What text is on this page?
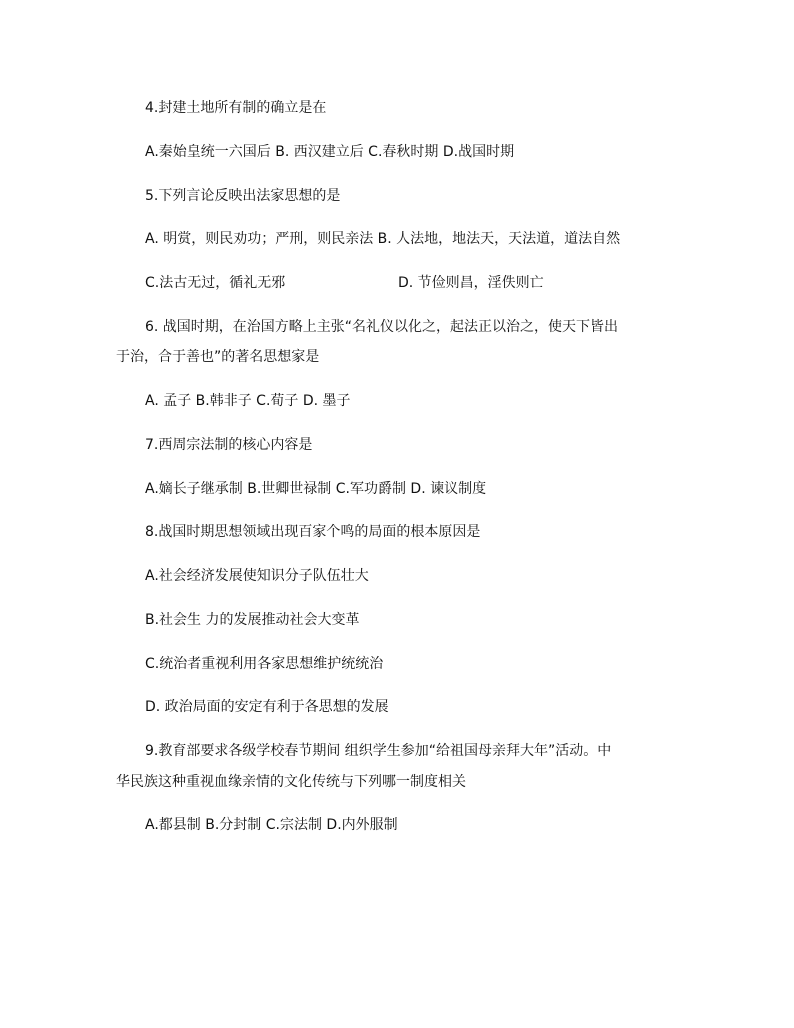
4.封建土地所有制的确立是在
A.秦始皇统一六国后 B. 西汉建立后 C.春秋时期 D.战国时期
5.下列言论反映出法家思想的是
A. 明赏，则民劝功；严刑，则民亲法 B. 人法地，地法天，天法道，道法自然
C.法古无过，循礼无邪	D. 节俭则昌，淫佚则亡
6. 战国时期，在治国方略上主张“名礼仪以化之，起法正以治之，使天下皆出
于治，合于善也”的著名思想家是
A. 孟子 B.韩非子 C.荀子 D. 墨子
7.西周宗法制的核心内容是
A.嫡长子继承制 B.世卿世禄制 C.军功爵制 D. 谏议制度
8.战国时期思想领域出现百家个鸣的局面的根本原因是
A.社会经济发展使知识分子队伍壮大
B.社会生 力的发展推动社会大变革
C.统治者重视利用各家思想维护统统治
D. 政治局面的安定有利于各思想的发展
9.教育部要求各级学校春节期间 组织学生参加“给祖国母亲拜大年”活动。中
华民族这种重视血缘亲情的文化传统与下列哪一制度相关
A.都县制 B.分封制 C.宗法制 D.内外服制
